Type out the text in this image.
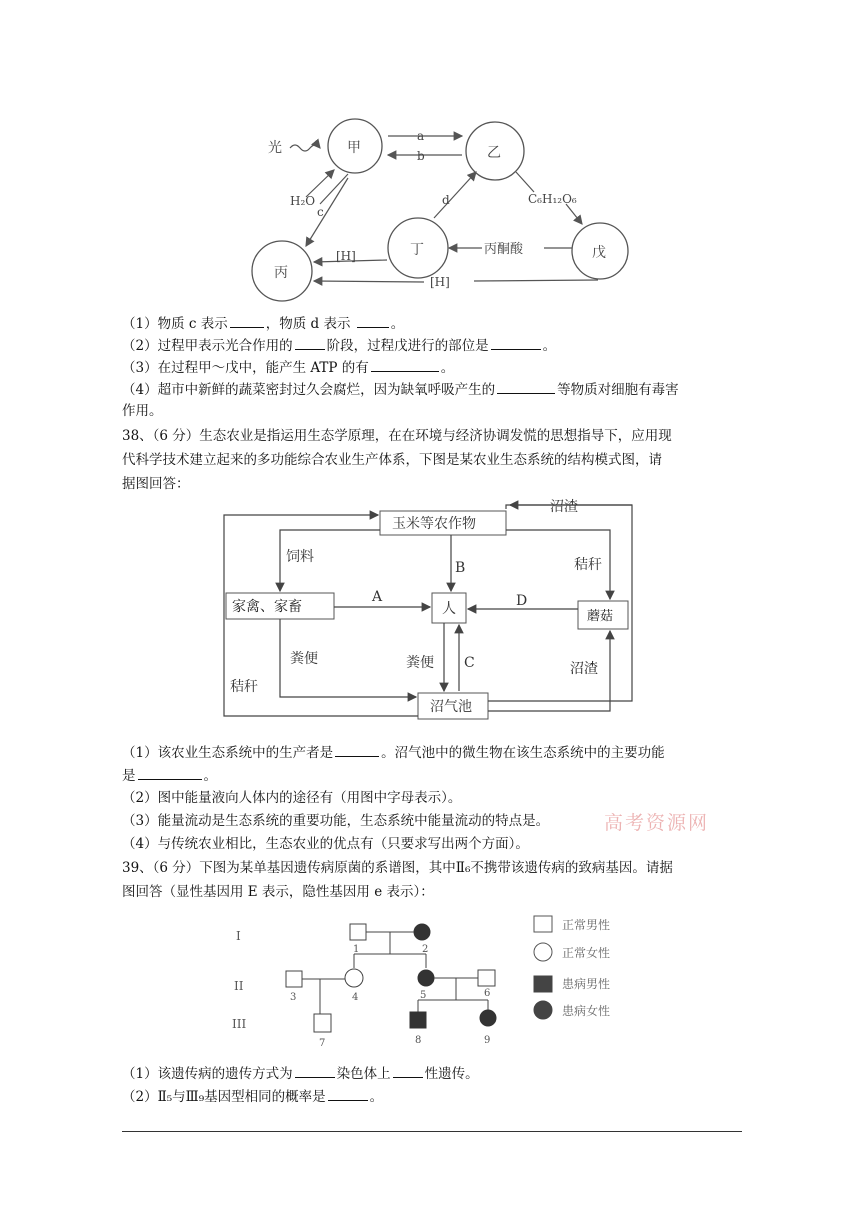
光	甲	乙
丙
丁	戊
a
b
c
d
H₂O	C₆H₁₂O₆
丙酮酸
[H]
[H]
（1）物质 c 表示	，物质 d 表示	。
（2）过程甲表示光合作用的	阶段，过程戊进行的部位是	。
（3）在过程甲～戊中，能产生 ATP 的有	。
（4）超市中新鲜的蔬菜密封过久会腐烂，因为缺氧呼吸产生的	等物质对细胞有毒害
作用。
38、（6 分）生态农业是指运用生态学原理，在在环境与经济协调发慌的思想指导下，应用现
代科学技术建立起来的多功能综合农业生产体系，下图是某农业生态系统的结构模式图，请
据图回答：
玉米等农作物
家禽、家畜	人	蘑菇
沼气池
饲料	秸秆
秸秆
沼渣
沼渣
粪便	粪便
A
B
C
D
（1）该农业生态系统中的生产者是	。沼气池中的微生物在该生态系统中的主要功能
是	。
（2）图中能量液向人体内的途径有（用图中字母表示）。
（3）能量流动是生态系统的重要功能，生态系统中能量流动的特点是。	高考资源网
（4）与传统农业相比，生态农业的优点有（只要求写出两个方面）。
39、（6 分）下图为某单基因遗传病原菌的系谱图，其中Ⅱ₆不携带该遗传病的致病基因。请据
图回答（显性基因用 E 表示，隐性基因用 e 表示）：
I
II
III
1	2
3	4	5	6
7	8	9
正常男性
正常女性
患病男性
患病女性
（1）该遗传病的遗传方式为	染色体上	性遗传。
（2）Ⅱ₅与Ⅲ₉基因型相同的概率是	。
